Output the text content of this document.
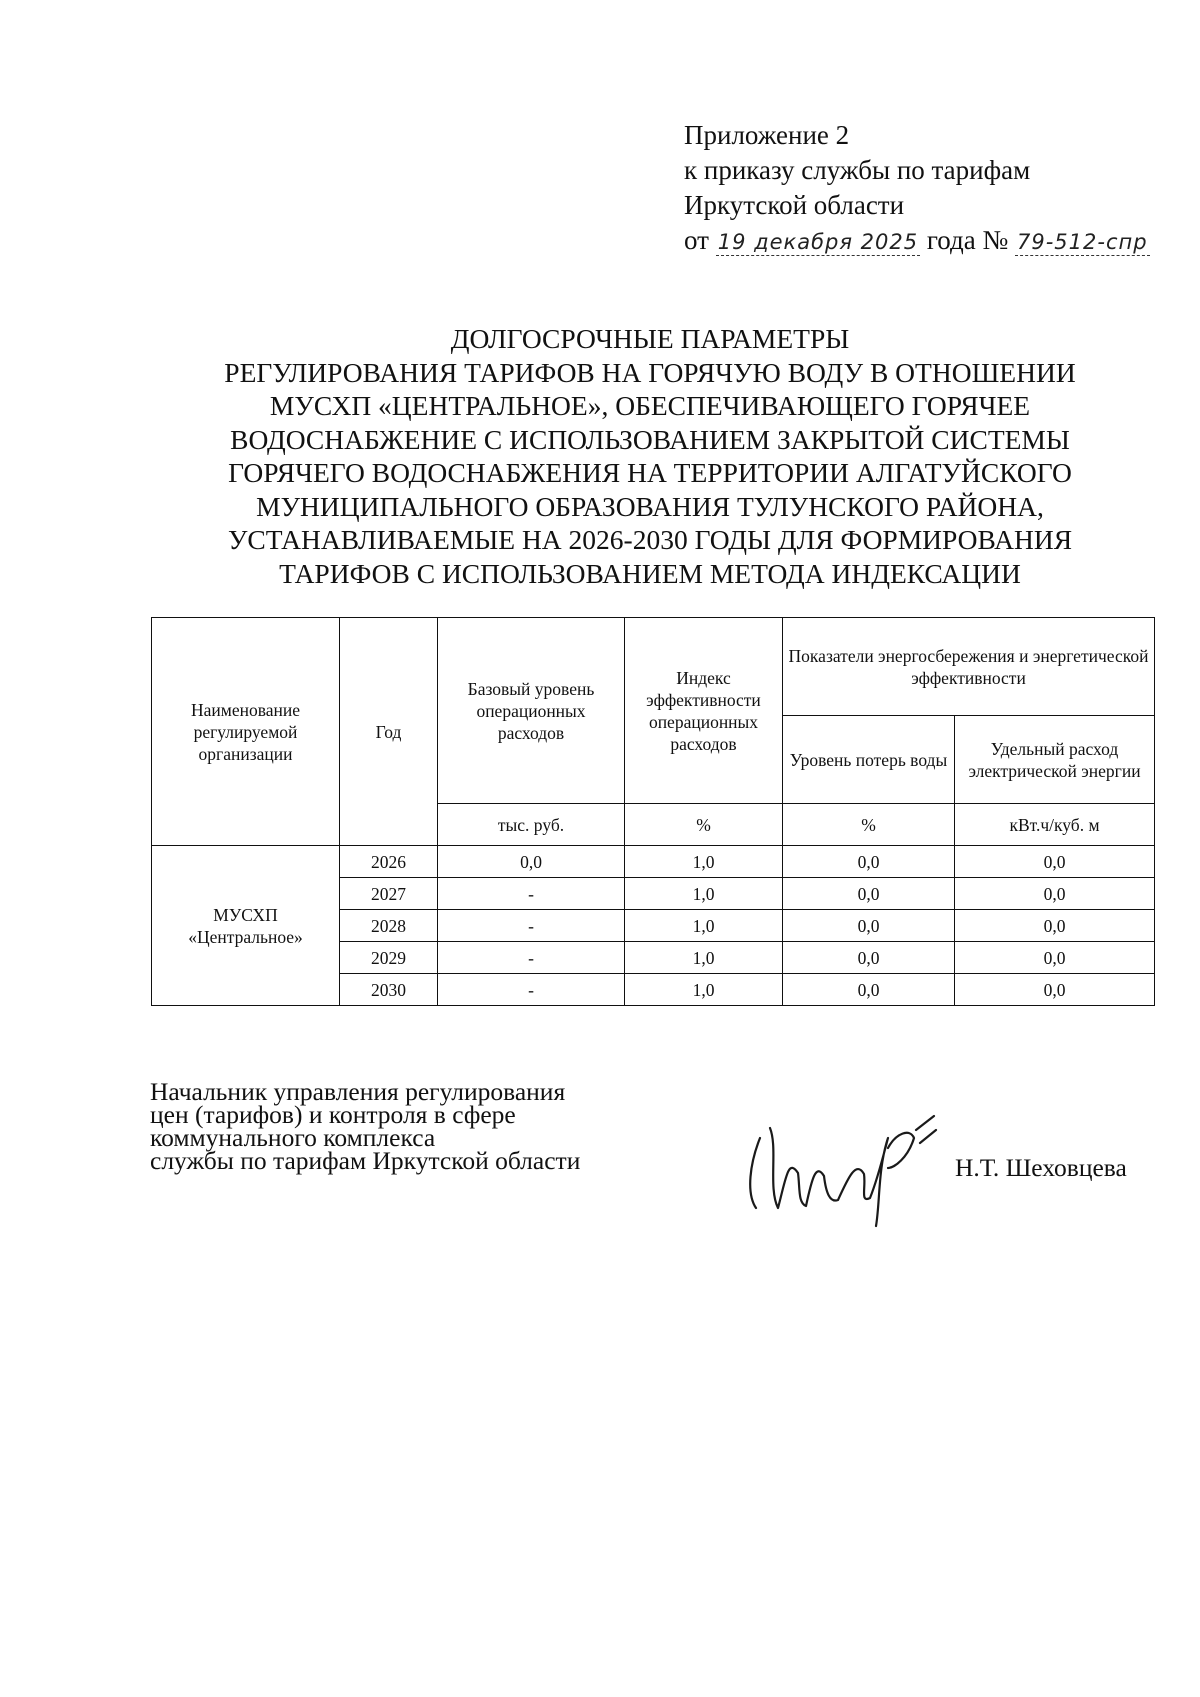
Приложение 2
к приказу службы по тарифам
Иркутской области
от 19 декабря 2025 года № 79-512-спр
ДОЛГОСРОЧНЫЕ ПАРАМЕТРЫ
РЕГУЛИРОВАНИЯ ТАРИФОВ НА ГОРЯЧУЮ ВОДУ В ОТНОШЕНИИ
МУСХП «ЦЕНТРАЛЬНОЕ», ОБЕСПЕЧИВАЮЩЕГО ГОРЯЧЕЕ
ВОДОСНАБЖЕНИЕ С ИСПОЛЬЗОВАНИЕМ ЗАКРЫТОЙ СИСТЕМЫ
ГОРЯЧЕГО ВОДОСНАБЖЕНИЯ НА ТЕРРИТОРИИ АЛГАТУЙСКОГО
МУНИЦИПАЛЬНОГО ОБРАЗОВАНИЯ ТУЛУНСКОГО РАЙОНА,
УСТАНАВЛИВАЕМЫЕ НА 2026-2030 ГОДЫ ДЛЯ ФОРМИРОВАНИЯ
ТАРИФОВ С ИСПОЛЬЗОВАНИЕМ МЕТОДА ИНДЕКСАЦИИ
Наименование регулируемой организации	Год	Базовый уровень операционных расходов	Индекс эффективности операционных расходов	Показатели энергосбережения и энергетической эффективности	
				Уровень потерь воды	Удельный расход электрической энергии
		тыс. руб.	%	%	кВт.ч/куб. м
МУСХП «Центральное»	2026	0,0	1,0	0,0	0,0
	2027	-	1,0	0,0	0,0
	2028	-	1,0	0,0	0,0
	2029	-	1,0	0,0	0,0
	2030	-	1,0	0,0	0,0
Начальник управления регулирования
цен (тарифов) и контроля в сфере
коммунального комплекса
службы по тарифам Иркутской области	Н.Т. Шеховцева
